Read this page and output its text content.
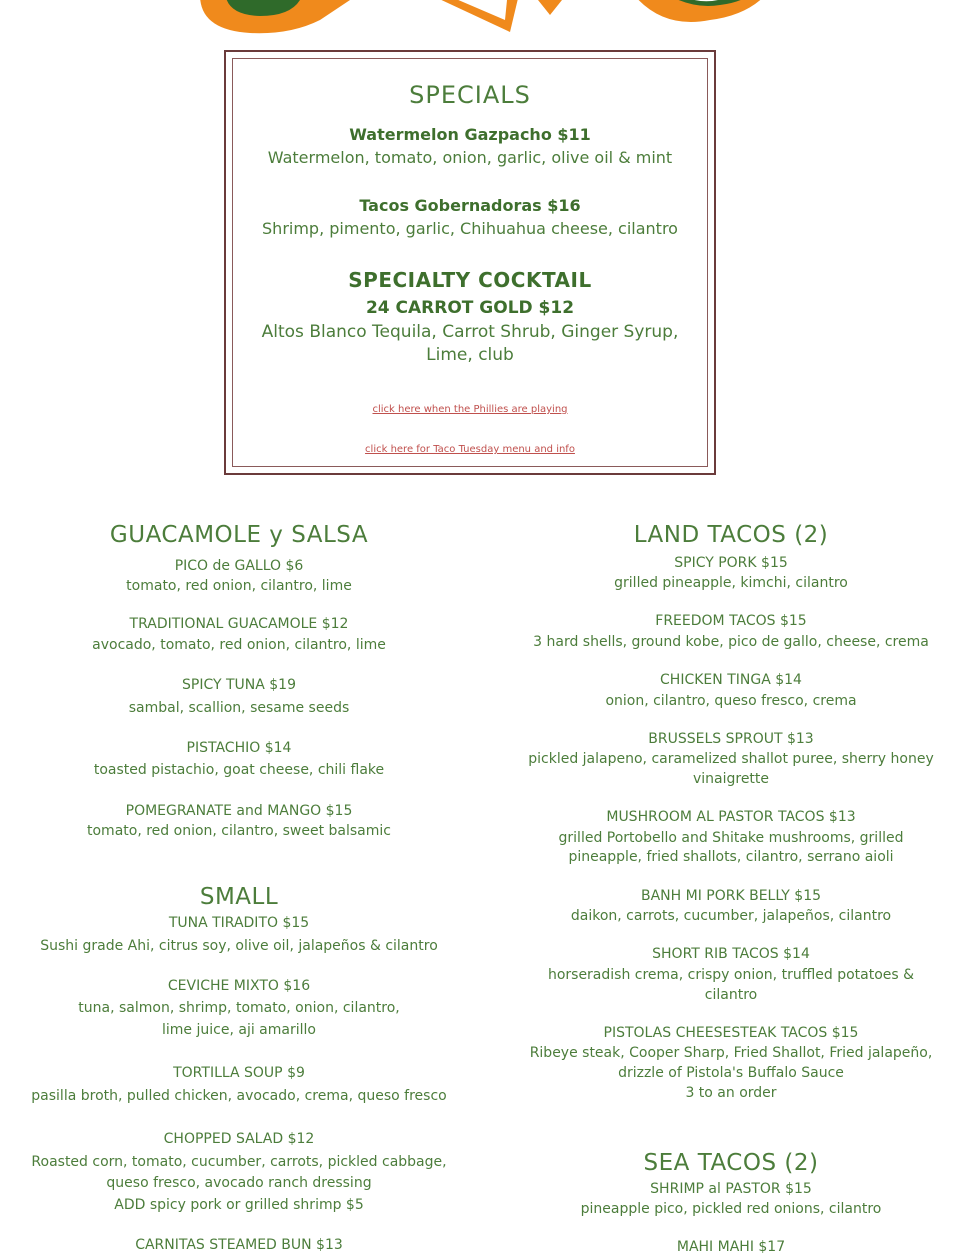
SPECIALS
Watermelon Gazpacho $11
Watermelon, tomato, onion, garlic, olive oil & mint
Tacos Gobernadoras $16
Shrimp, pimento, garlic, Chihuahua cheese, cilantro
SPECIALTY COCKTAIL
24 CARROT GOLD $12
Altos Blanco Tequila, Carrot Shrub, Ginger Syrup,
Lime, club
click here when the Phillies are playing
click here for Taco Tuesday menu and info
GUACAMOLE y SALSA
PICO de GALLO $6
tomato, red onion, cilantro, lime
TRADITIONAL GUACAMOLE $12
avocado, tomato, red onion, cilantro, lime
SPICY TUNA $19
sambal, scallion, sesame seeds
PISTACHIO $14
toasted pistachio, goat cheese, chili flake
POMEGRANATE and MANGO $15
tomato, red onion, cilantro, sweet balsamic
SMALL
TUNA TIRADITO $15
Sushi grade Ahi, citrus soy, olive oil, jalapeños & cilantro
CEVICHE MIXTO $16
tuna, salmon, shrimp, tomato, onion, cilantro,
lime juice, aji amarillo
TORTILLA SOUP $9
pasilla broth, pulled chicken, avocado, crema, queso fresco
CHOPPED SALAD $12
Roasted corn, tomato, cucumber, carrots, pickled cabbage,
queso fresco, avocado ranch dressing
ADD spicy pork or grilled shrimp $5
CARNITAS STEAMED BUN $13
LAND TACOS (2)
SPICY PORK $15
grilled pineapple, kimchi, cilantro
FREEDOM TACOS $15
3 hard shells, ground kobe, pico de gallo, cheese, crema
CHICKEN TINGA $14
onion, cilantro, queso fresco, crema
BRUSSELS SPROUT $13
pickled jalapeno, caramelized shallot puree, sherry honey
vinaigrette
MUSHROOM AL PASTOR TACOS $13
grilled Portobello and Shitake mushrooms, grilled
pineapple, fried shallots, cilantro, serrano aioli
BANH MI PORK BELLY $15
daikon, carrots, cucumber, jalapeños, cilantro
SHORT RIB TACOS $14
horseradish crema, crispy onion, truffled potatoes &
cilantro
PISTOLAS CHEESESTEAK TACOS $15
Ribeye steak, Cooper Sharp, Fried Shallot, Fried jalapeño,
drizzle of Pistola's Buffalo Sauce
3 to an order
SEA TACOS (2)
SHRIMP al PASTOR $15
pineapple pico, pickled red onions, cilantro
MAHI MAHI $17
